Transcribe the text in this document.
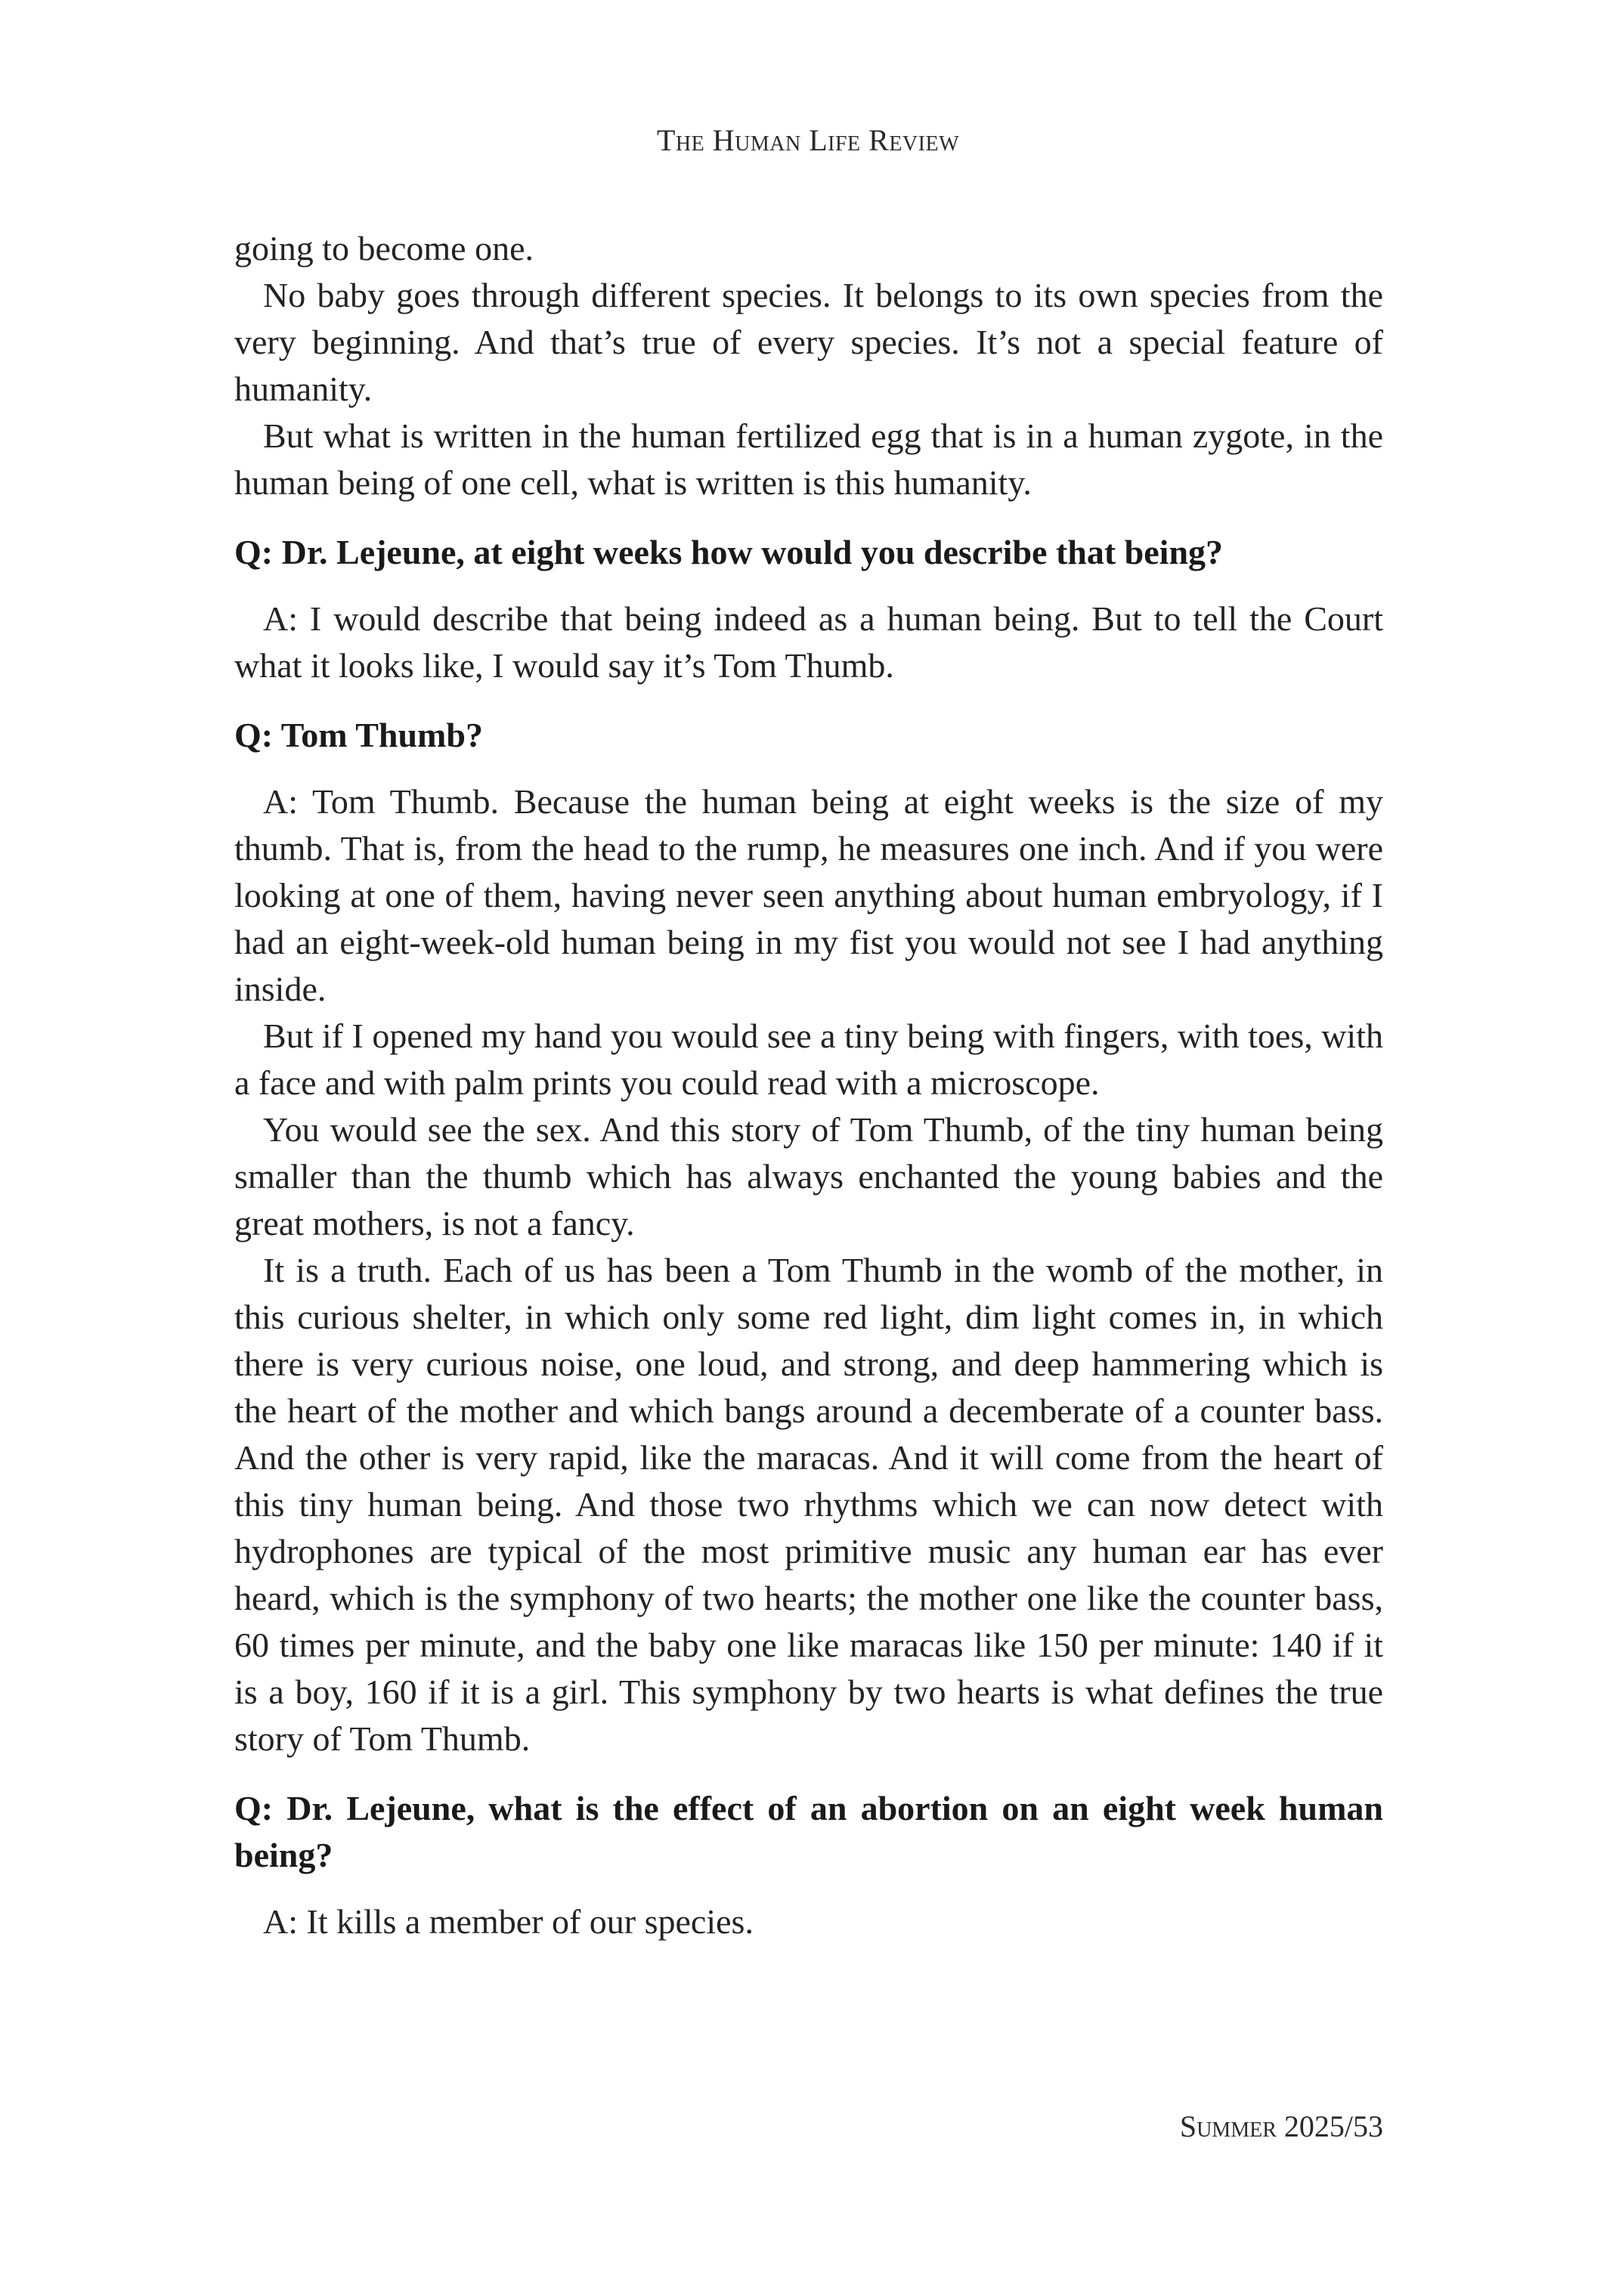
The Human Life Review

going to become one.

No baby goes through different species. It belongs to its own species from the very beginning. And that’s true of every species. It’s not a special feature of humanity.

But what is written in the human fertilized egg that is in a human zygote, in the human being of one cell, what is written is this humanity.

Q: Dr. Lejeune, at eight weeks how would you describe that being?

A: I would describe that being indeed as a human being. But to tell the Court what it looks like, I would say it’s Tom Thumb.

Q: Tom Thumb?

A: Tom Thumb. Because the human being at eight weeks is the size of my thumb. That is, from the head to the rump, he measures one inch. And if you were looking at one of them, having never seen anything about human embryology, if I had an eight-week-old human being in my fist you would not see I had anything inside.

But if I opened my hand you would see a tiny being with fingers, with toes, with a face and with palm prints you could read with a microscope.

You would see the sex. And this story of Tom Thumb, of the tiny human being smaller than the thumb which has always enchanted the young babies and the great mothers, is not a fancy.

It is a truth. Each of us has been a Tom Thumb in the womb of the mother, in this curious shelter, in which only some red light, dim light comes in, in which there is very curious noise, one loud, and strong, and deep hammering which is the heart of the mother and which bangs around a decemberate of a counter bass. And the other is very rapid, like the maracas. And it will come from the heart of this tiny human being. And those two rhythms which we can now detect with hydrophones are typical of the most primitive music any human ear has ever heard, which is the symphony of two hearts; the mother one like the counter bass, 60 times per minute, and the baby one like maracas like 150 per minute: 140 if it is a boy, 160 if it is a girl. This symphony by two hearts is what defines the true story of Tom Thumb.

Q: Dr. Lejeune, what is the effect of an abortion on an eight week human being?

A: It kills a member of our species.

Summer 2025/53
